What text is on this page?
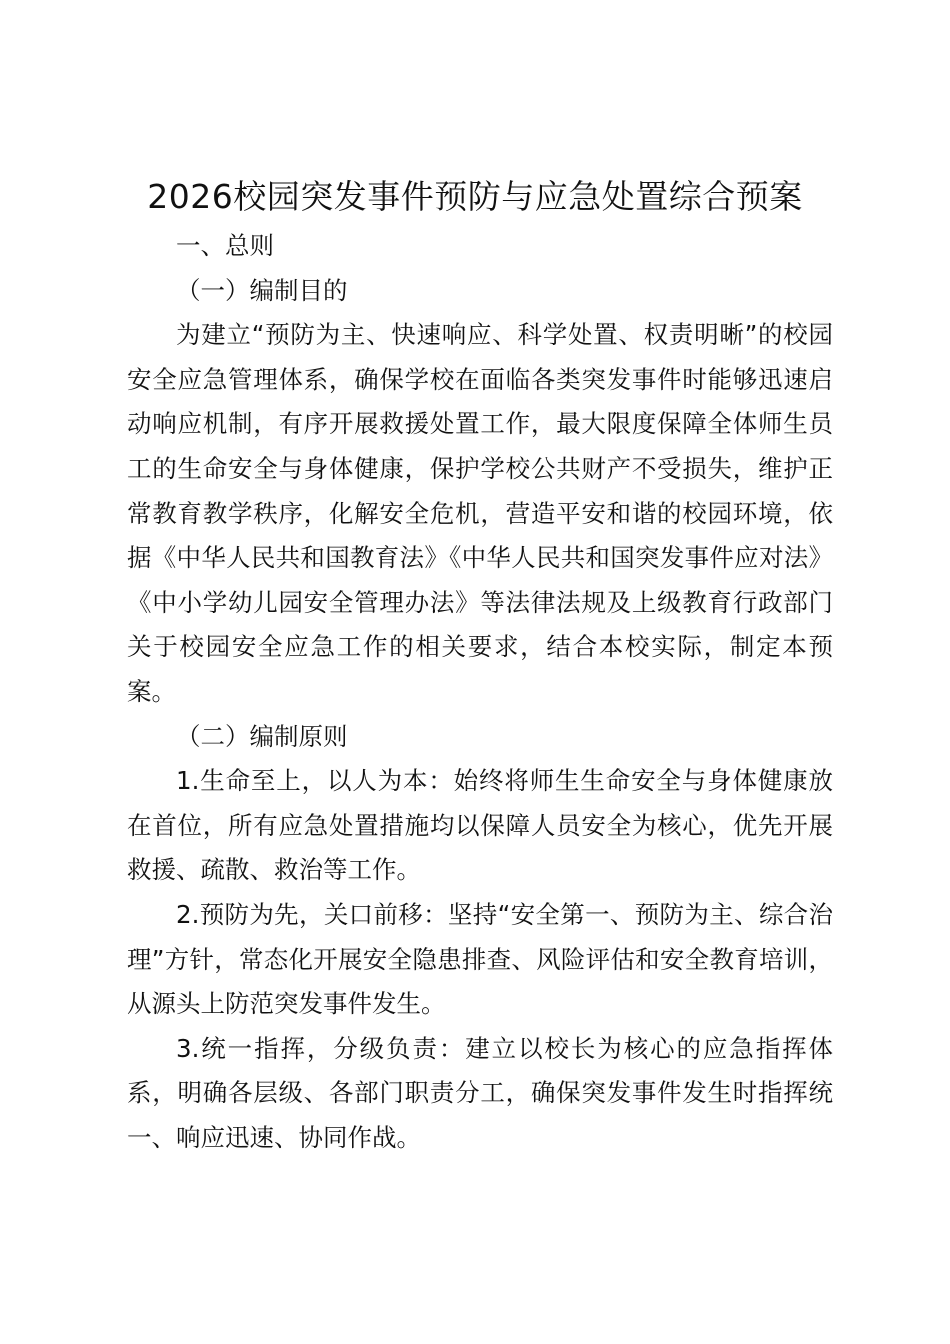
2026校园突发事件预防与应急处置综合预案

一、总则

（一）编制目的

为建立“预防为主、快速响应、科学处置、权责明晰”的校园安全应急管理体系，确保学校在面临各类突发事件时能够迅速启动响应机制，有序开展救援处置工作，最大限度保障全体师生员工的生命安全与身体健康，保护学校公共财产不受损失，维护正常教育教学秩序，化解安全危机，营造平安和谐的校园环境，依据《中华人民共和国教育法》《中华人民共和国突发事件应对法》《中小学幼儿园安全管理办法》等法律法规及上级教育行政部门关于校园安全应急工作的相关要求，结合本校实际，制定本预案。

（二）编制原则

1.生命至上，以人为本：始终将师生生命安全与身体健康放在首位，所有应急处置措施均以保障人员安全为核心，优先开展救援、疏散、救治等工作。

2.预防为先，关口前移：坚持“安全第一、预防为主、综合治理”方针，常态化开展安全隐患排查、风险评估和安全教育培训，从源头上防范突发事件发生。

3.统一指挥，分级负责：建立以校长为核心的应急指挥体系，明确各层级、各部门职责分工，确保突发事件发生时指挥统一、响应迅速、协同作战。
